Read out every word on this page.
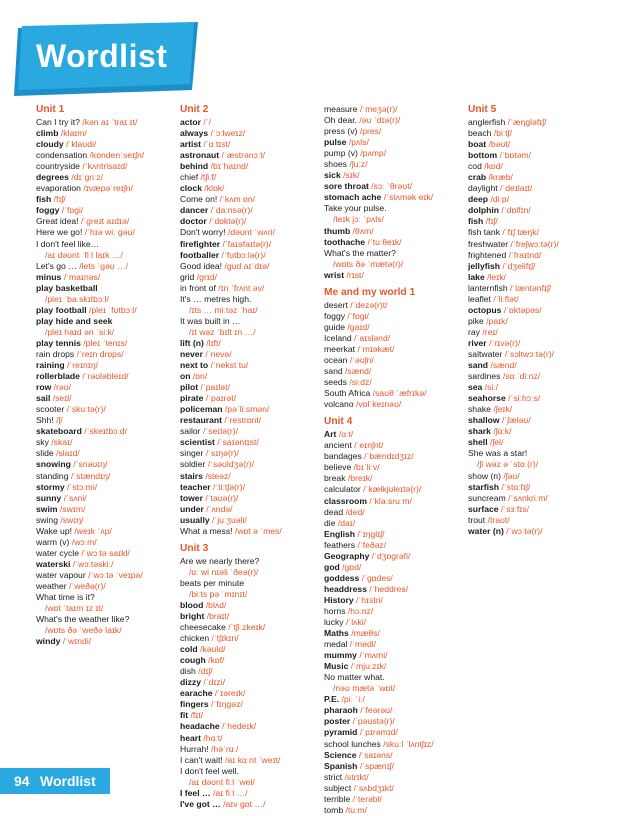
Wordlist
Unit 1
Can I try it? /kən aɪ ˈtraɪ ɪt/
climb /klaɪm/
cloudy /ˈklaʊdi/
condensation /kɒndenˈseɪʃn/
countryside /ˈkʌntrisaɪd/
degrees /dɪˈgriːz/
evaporation /ɪvæpəˈreɪʃn/
fish /fɪʃ/
foggy /ˈfɒgi/
Great idea! /ˈgreɪt aɪdɪə/
Here we go! /ˈhɪə wiː gəʊ/
I don't feel like…
/aɪ dəʊnt ˈfiːl laɪk …/
Let's go … /lets ˈgəʊ …/
minus /ˈmaɪnəs/
play basketball
/pleɪ ˈbaːskɪtbɔːl/
play football /pleɪ ˈfʊtbɔːl/
play hide and seek
/pleɪ haɪd ən ˈsiːk/
play tennis /pleɪ ˈtenɪs/
rain drops /ˈreɪn drɒps/
raining /ˈreɪnɪŋ/
rollerblade /ˈrəʊləbleɪd/
row /rəʊ/
sail /seɪl/
scooter /ˈskuːtə(r)/
Shh! /ʃ/
skateboard /ˈskeɪtbɔːd/
sky /skaɪ/
slide /slaɪd/
snowing /ˈsnəʊɪŋ/
standing /ˈstændɪŋ/
stormy /ˈstɔːmi/
sunny /ˈsʌni/
swim /swɪm/
swing /swɪŋ/
Wake up! /weɪk ˈʌp/
warm (v) /wɔːm/
water cycle /ˈwɔːtə saɪkl/
waterski /ˈwɔːtəskiː/
water vapour /ˈwɔːtə ˈveɪpə/
weather /ˈweðə(r)/
What time is it?
/wɒt ˈtaɪm ɪz ɪt/
What's the weather like?
/wɒts ðə ˈweðə laɪk/
windy /ˈwɪndi/
Unit 2
actor /ˈ/
always /ˈɔːlweɪz/
artist /ˈɑːtɪst/
astronaut /ˈæstrənɔːt/
behind /bɪˈhaɪnd/
chief /tʃiːf/
clock /klɒk/
Come on! /ˈkʌm ɒn/
dancer /ˈdaːnsə(r)/
doctor /ˈdɒktə(r)/
Don't worry! /dəʊnt ˈwʌri/
firefighter /ˈfaɪəfaɪtə(r)/
footballer /ˈfʊtbɔːlə(r)/
Good idea! /gʊd aɪˈdɪə/
grid /grɪd/
in front of /ɪn ˈfrʌnt əv/
It's … metres high.
/ɪts … miːtəz ˈhaɪ/
It was built in …
/ɪt wəz ˈbɪlt ɪn …/
lift (n) /lɪft/
never /ˈnevə/
next to /ˈnekst tu/
on /ɒn/
pilot /ˈpaɪlət/
pirate /ˈpaɪrət/
policeman /pəˈliːsmən/
restaurant /ˈrestrɒnt/
sailor /ˈseɪlə(r)/
scientist /ˈsaɪəntɪst/
singer /ˈsɪŋə(r)/
soldier /ˈsəʊldʒə(r)/
stairs /steəz/
teacher /ˈtiːtʃə(r)/
tower /ˈtaʊə(r)/
under /ˈʌndə/
usually /ˈjuːʒuəli/
What a mess! /wɒt ə ˈmes/
Unit 3
Are we nearly there?
/ɑː wi nɪəli ˈðeə(r)/
beats per minute
/biːts pə ˈmɪnɪt/
blood /blʌd/
bright /braɪt/
cheesecake /ˈtʃiːzkeɪk/
chicken /ˈtʃɪkɪn/
cold /kəʊld/
cough /kɒf/
dish /dɪʃ/
dizzy /ˈdɪzi/
earache /ˈɪəreɪk/
fingers /ˈfɪŋgəz/
fit /fɪt/
headache /ˈhedeɪk/
heart /hɑːt/
Hurrah! /həˈrɑː/
I can't wait! /aɪ kɑːnt ˈweɪt/
I don't feel well.
/aɪ dəʊnt fiːl ˈwel/
I feel … /aɪ fiːl …/
I've got … /aɪv gɒt …/
measure /ˈmeʒə(r)/
Oh dear. /əʊ ˈdɪə(r)/
press (v) /pres/
pulse /pʌls/
pump (v) /pʌmp/
shoes /ʃuːz/
sick /sɪk/
sore throat /sɔː ˈθrəʊt/
stomach ache /ˈstʌmək eɪk/
Take your pulse.
/teɪk jɔː ˈpʌls/
thumb /θʌm/
toothache /ˈtuːθeɪk/
What's the matter?
/wɒts ðə ˈmætə(r)/
wrist /rɪst/
Me and my world 1
desert /ˈdezə(r)t/
foggy /ˈfɒgi/
guide /gaɪd/
Iceland /ˈaɪslənd/
meerkat /ˈmɪəkæt/
ocean /ˈəʊʃn/
sand /sænd/
seeds /siːdz/
South Africa /saʊθ ˈæfrɪkə/
volcano /vɒlˈkeɪnəʊ/
Unit 4
Art /ɑːt/
ancient /ˈeɪnʃnt/
bandages /ˈbændɪdʒɪz/
believe /bɪˈliːv/
break /breɪk/
calculator /ˈkælkjʊleɪtə(r)/
classroom /ˈklaːsruːm/
dead /ded/
die /daɪ/
English /ˈɪŋglɪʃ/
feathers /ˈfeðəz/
Geography /ˈdʒɒgrəfi/
god /gɒd/
goddess /ˈgɒdes/
headdress /ˈheddres/
History /ˈhɪstri/
horns /hɔːnz/
lucky /ˈlʌki/
Maths /mæθs/
medal /ˈmedl/
mummy /ˈmʌmi/
Music /ˈmjuːzɪk/
No matter what.
/nəʊ mætə ˈwɒt/
P.E. /piː ˈiː/
pharaoh /ˈfeərəʊ/
poster /ˈpəʊstə(r)/
pyramid /ˈpɪrəmɪd/
school lunches /skuːl ˈlʌntʃɪz/
Science /ˈsaɪəns/
Spanish /ˈspænɪʃ/
strict /strɪkt/
subject /ˈsʌbdʒɪkt/
terrible /ˈterəbl/
tomb /tuːm/
Unit 5
anglerfish /ˈæŋgləfɪʃ/
beach /biːtʃ/
boat /bəʊt/
bottom /ˈbɒtəm/
cod /kɒd/
crab /kræb/
daylight /ˈdeɪlaɪt/
deep /diːp/
dolphin /ˈdɒlfɪn/
fish /fɪʃ/
fish tank /ˈfɪʃ tæŋk/
freshwater /ˈfreʃwɔːtə(r)/
frightened /ˈfraɪtnd/
jellyfish /ˈdʒelifɪʃ/
lake /leɪk/
lanternfish /ˈlæntənfɪʃ/
leaflet /ˈliːflət/
octopus /ˈɒktəpəs/
pike /paɪk/
ray /reɪ/
river /ˈrɪvə(r)/
saltwater /ˈsɔltwɔːtə(r)/
sand /sænd/
sardines /sɑːˈdiːnz/
sea /siː/
seahorse /ˈsiːhɔːs/
shake /ʃeɪk/
shallow /ˈʃæləʊ/
shark /ʃɑːk/
shell /ʃel/
She was a star!
/ʃi wəz ə ˈstɑː(r)/
show (n) /ʃəʊ/
starfish /ˈstɑːfɪʃ/
suncream /ˈsʌnkriːm/
surface /ˈsɜːfɪs/
trout /traʊt/
water (n) /ˈwɔːtə(r)/
94 Wordlist
